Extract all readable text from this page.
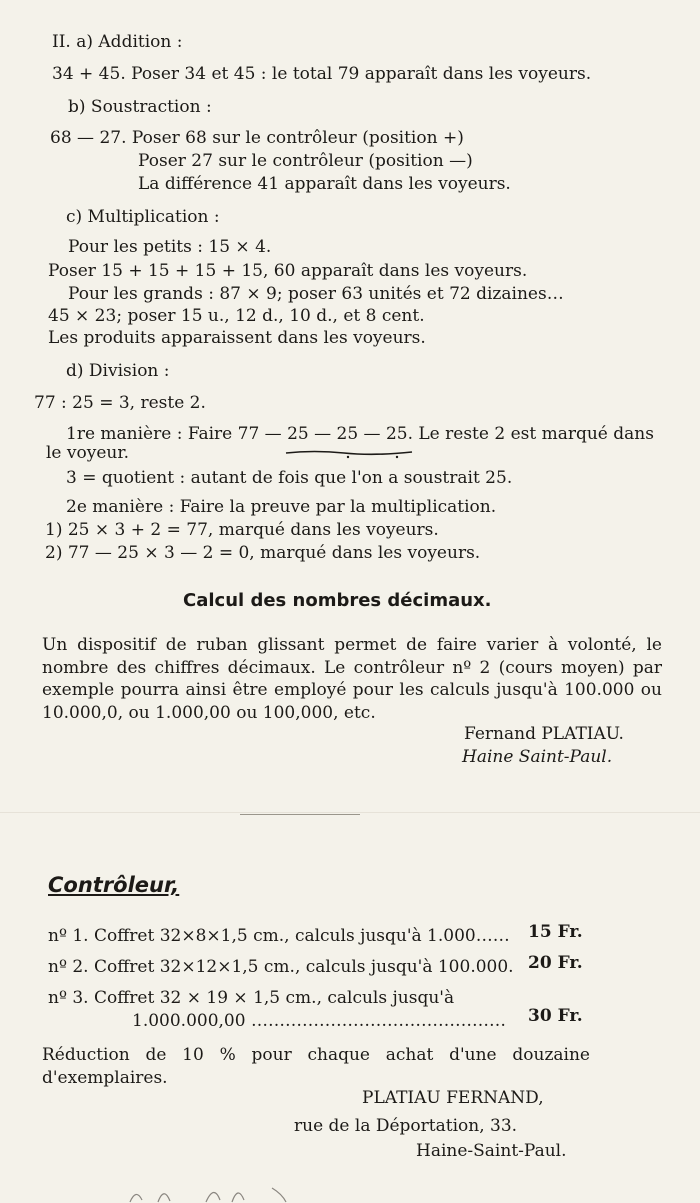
II. a) Addition :
34 + 45. Poser 34 et 45 : le total 79 apparaît dans les voyeurs.
b) Soustraction :
68 — 27. Poser 68 sur le contrôleur (position +)
Poser 27 sur le contrôleur (position —)
La différence 41 apparaît dans les voyeurs.
c) Multiplication :
Pour les petits : 15 × 4.
Poser 15 + 15 + 15 + 15, 60 apparaît dans les voyeurs.
Pour les grands : 87 × 9; poser 63 unités et 72 dizaines…
45 × 23; poser 15 u., 12 d., 10 d., et 8 cent.
Les produits apparaissent dans les voyeurs.
d) Division :
77 : 25 = 3, reste 2.
1re manière : Faire 77 — 25 — 25 — 25. Le reste 2 est marqué dans
le voyeur.
3 = quotient : autant de fois que l'on a soustrait 25.
2e manière : Faire la preuve par la multiplication.
1) 25 × 3 + 2 = 77, marqué dans les voyeurs.
2) 77 — 25 × 3 — 2 = 0, marqué dans les voyeurs.
Calcul des nombres décimaux.
Un dispositif de ruban glissant permet de faire varier à volonté, le nombre des chiffres décimaux. Le contrôleur nº 2 (cours moyen) par exemple pourra ainsi être employé pour les calculs jusqu'à 100.000 ou 10.000,0, ou 1.000,00 ou 100,000, etc.
Fernand PLATIAU.
Haine Saint-Paul.
Contrôleur,
nº 1. Coffret 32×8×1,5 cm., calculs jusqu'à 1.000…… 15 Fr.
nº 2. Coffret 32×12×1,5 cm., calculs jusqu'à 100.000. 20 Fr.
nº 3. Coffret 32 × 19 × 1,5 cm., calculs jusqu'à
1.000.000,00 ……………………………………… 30 Fr.
Réduction de 10 % pour chaque achat d'une douzaine d'exemplaires.
PLATIAU FERNAND,
rue de la Déportation, 33.
Haine-Saint-Paul.
